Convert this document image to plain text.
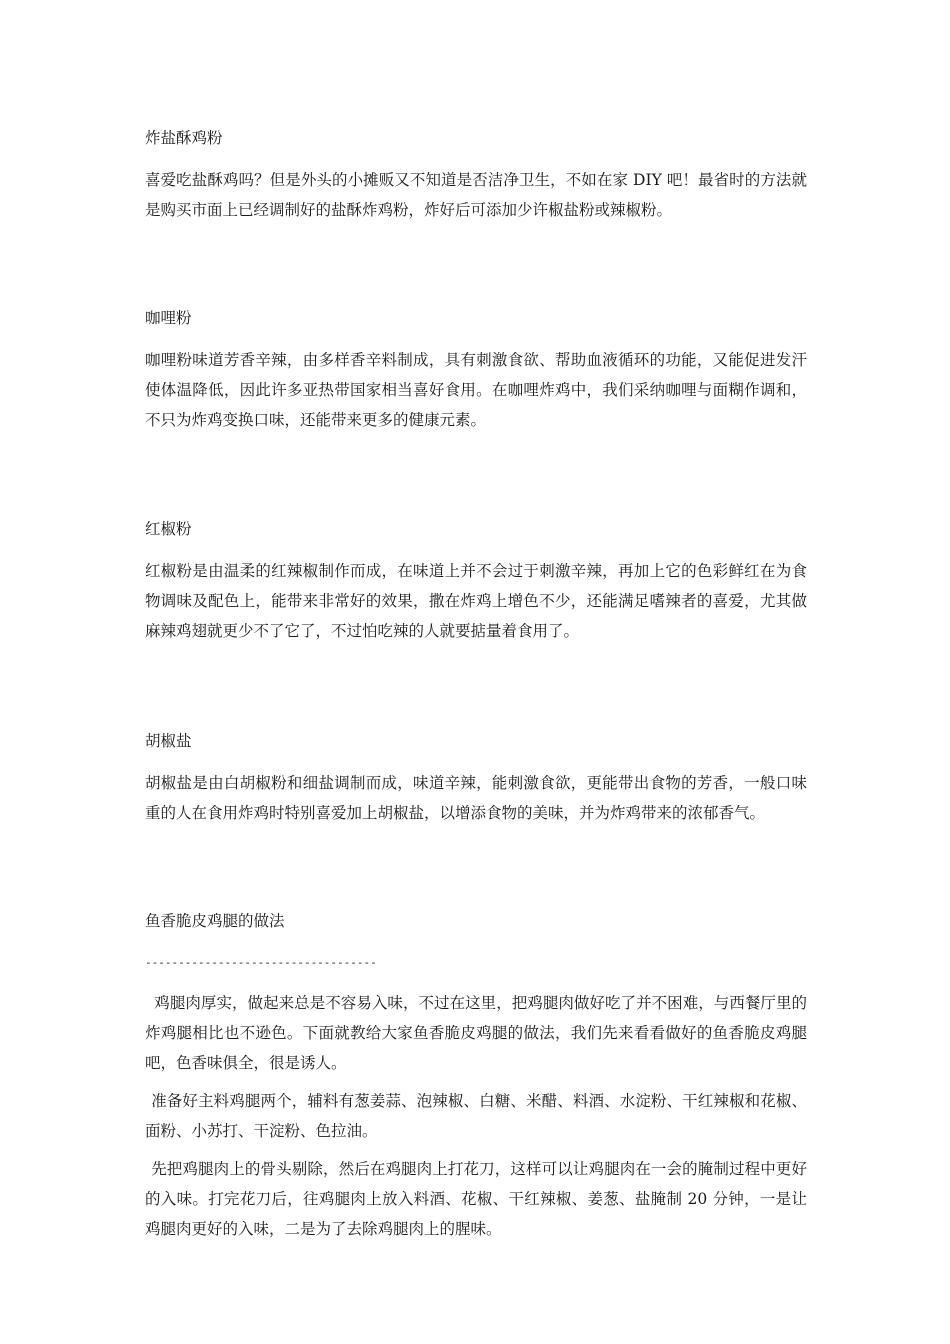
炸盐酥鸡粉

喜爱吃盐酥鸡吗？但是外头的小摊贩又不知道是否洁净卫生，不如在家 DIY 吧！最省时的方法就是购买市面上已经调制好的盐酥炸鸡粉，炸好后可添加少许椒盐粉或辣椒粉。

咖哩粉

咖哩粉味道芳香辛辣，由多样香辛料制成，具有刺激食欲、帮助血液循环的功能，又能促进发汗使体温降低，因此许多亚热带国家相当喜好食用。在咖哩炸鸡中，我们采纳咖哩与面糊作调和，不只为炸鸡变换口味，还能带来更多的健康元素。

红椒粉

红椒粉是由温柔的红辣椒制作而成，在味道上并不会过于刺激辛辣，再加上它的色彩鲜红在为食物调味及配色上，能带来非常好的效果，撒在炸鸡上增色不少，还能满足嗜辣者的喜爱，尤其做麻辣鸡翅就更少不了它了，不过怕吃辣的人就要掂量着食用了。

胡椒盐

胡椒盐是由白胡椒粉和细盐调制而成，味道辛辣，能刺激食欲，更能带出食物的芳香，一般口味重的人在食用炸鸡时特别喜爱加上胡椒盐，以增添食物的美味，并为炸鸡带来的浓郁香气。

鱼香脆皮鸡腿的做法

-----------------------------------

鸡腿肉厚实，做起来总是不容易入味，不过在这里，把鸡腿肉做好吃了并不困难，与西餐厅里的炸鸡腿相比也不逊色。下面就教给大家鱼香脆皮鸡腿的做法，我们先来看看做好的鱼香脆皮鸡腿吧，色香味俱全，很是诱人。

准备好主料鸡腿两个，辅料有葱姜蒜、泡辣椒、白糖、米醋、料酒、水淀粉、干红辣椒和花椒、面粉、小苏打、干淀粉、色拉油。

先把鸡腿肉上的骨头剔除，然后在鸡腿肉上打花刀，这样可以让鸡腿肉在一会的腌制过程中更好的入味。打完花刀后，往鸡腿肉上放入料酒、花椒、干红辣椒、姜葱、盐腌制 20 分钟，一是让鸡腿肉更好的入味，二是为了去除鸡腿肉上的腥味。
